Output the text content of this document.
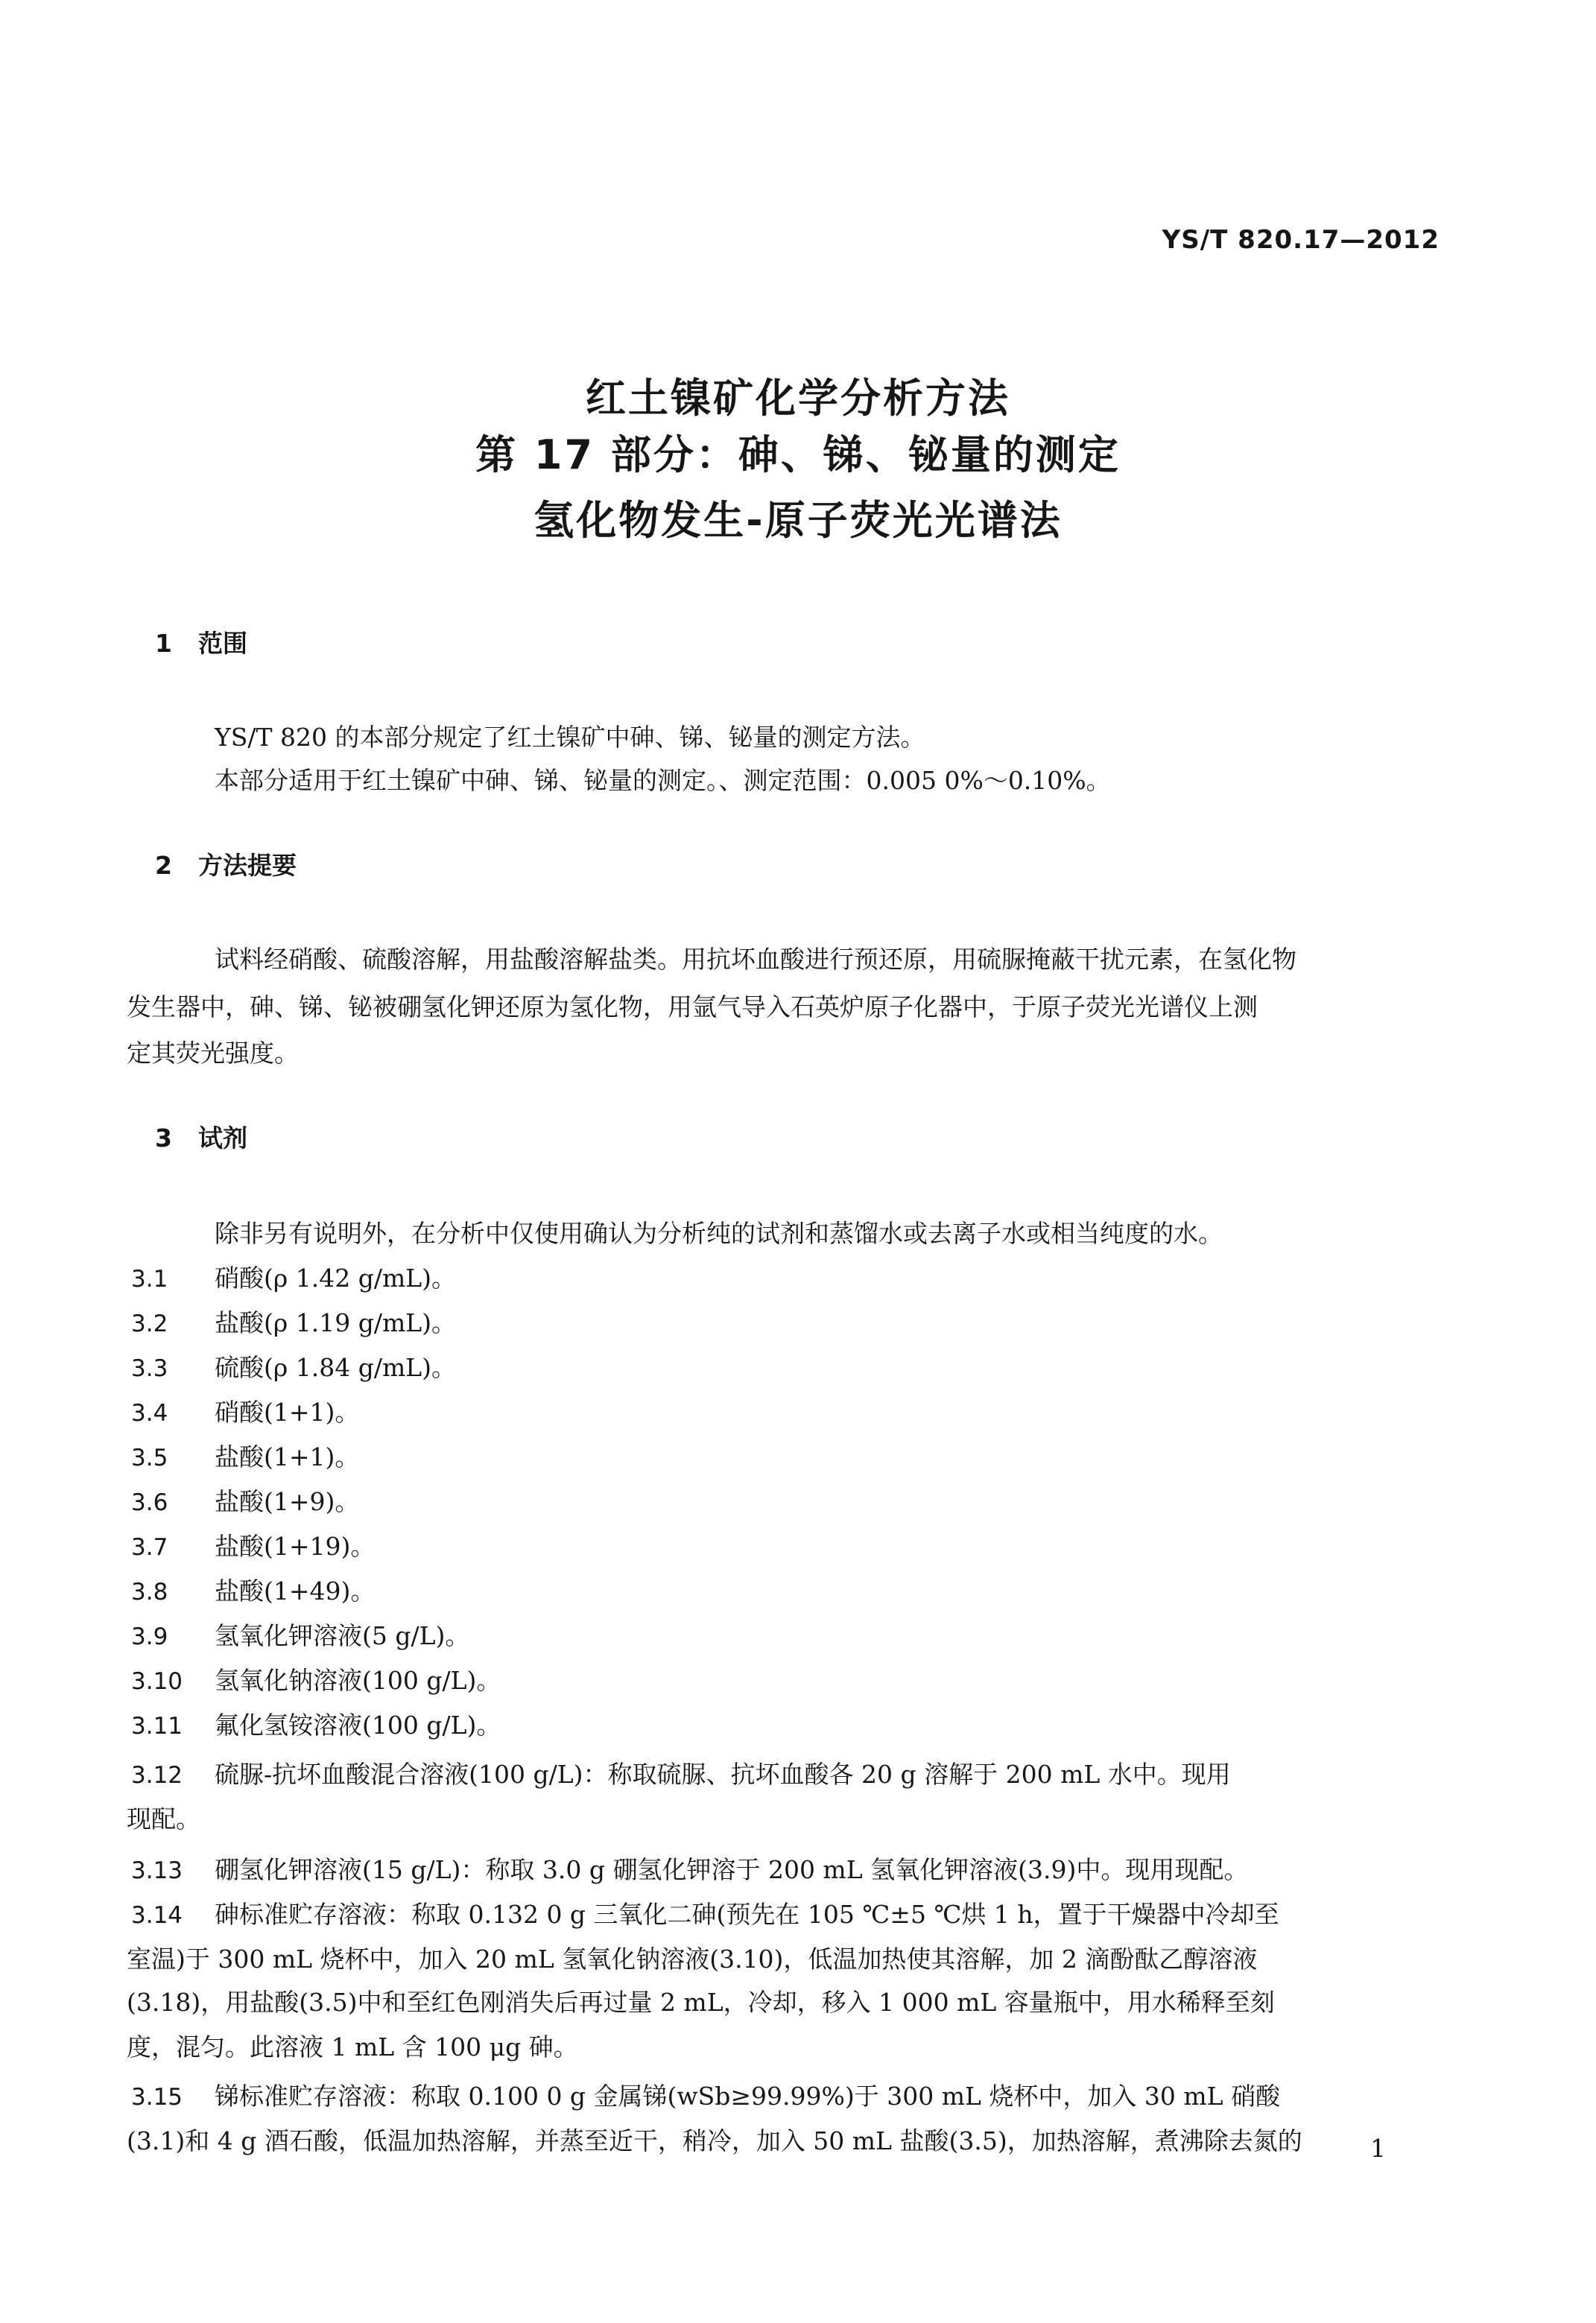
YS/T 820.17—2012
红土镍矿化学分析方法
第 17 部分：砷、锑、铋量的测定
氢化物发生-原子荧光光谱法
1 范围
YS/T 820 的本部分规定了红土镍矿中砷、锑、铋量的测定方法。
本部分适用于红土镍矿中砷、锑、铋量的测定。、测定范围：0.005 0%～0.10%。
2 方法提要
试料经硝酸、硫酸溶解，用盐酸溶解盐类。用抗坏血酸进行预还原，用硫脲掩蔽干扰元素，在氢化物
发生器中，砷、锑、铋被硼氢化钾还原为氢化物，用氩气导入石英炉原子化器中，于原子荧光光谱仪上测
定其荧光强度。
3 试剂
除非另有说明外，在分析中仅使用确认为分析纯的试剂和蒸馏水或去离子水或相当纯度的水。
3.1 硝酸(ρ 1.42 g/mL)。
3.2 盐酸(ρ 1.19 g/mL)。
3.3 硫酸(ρ 1.84 g/mL)。
3.4 硝酸(1+1)。
3.5 盐酸(1+1)。
3.6 盐酸(1+9)。
3.7 盐酸(1+19)。
3.8 盐酸(1+49)。
3.9 氢氧化钾溶液(5 g/L)。
3.10 氢氧化钠溶液(100 g/L)。
3.11 氟化氢铵溶液(100 g/L)。
3.12 硫脲-抗坏血酸混合溶液(100 g/L)：称取硫脲、抗坏血酸各 20 g 溶解于 200 mL 水中。现用
现配。
3.13 硼氢化钾溶液(15 g/L)：称取 3.0 g 硼氢化钾溶于 200 mL 氢氧化钾溶液(3.9)中。现用现配。
3.14 砷标准贮存溶液：称取 0.132 0 g 三氧化二砷(预先在 105 ℃±5 ℃烘 1 h，置于干燥器中冷却至
室温)于 300 mL 烧杯中，加入 20 mL 氢氧化钠溶液(3.10)，低温加热使其溶解，加 2 滴酚酞乙醇溶液
(3.18)，用盐酸(3.5)中和至红色刚消失后再过量 2 mL，冷却，移入 1 000 mL 容量瓶中，用水稀释至刻
度，混匀。此溶液 1 mL 含 100 μg 砷。
3.15 锑标准贮存溶液：称取 0.100 0 g 金属锑(wSb≥99.99%)于 300 mL 烧杯中，加入 30 mL 硝酸
(3.1)和 4 g 酒石酸，低温加热溶解，并蒸至近干，稍冷，加入 50 mL 盐酸(3.5)，加热溶解，煮沸除去氮的	1
